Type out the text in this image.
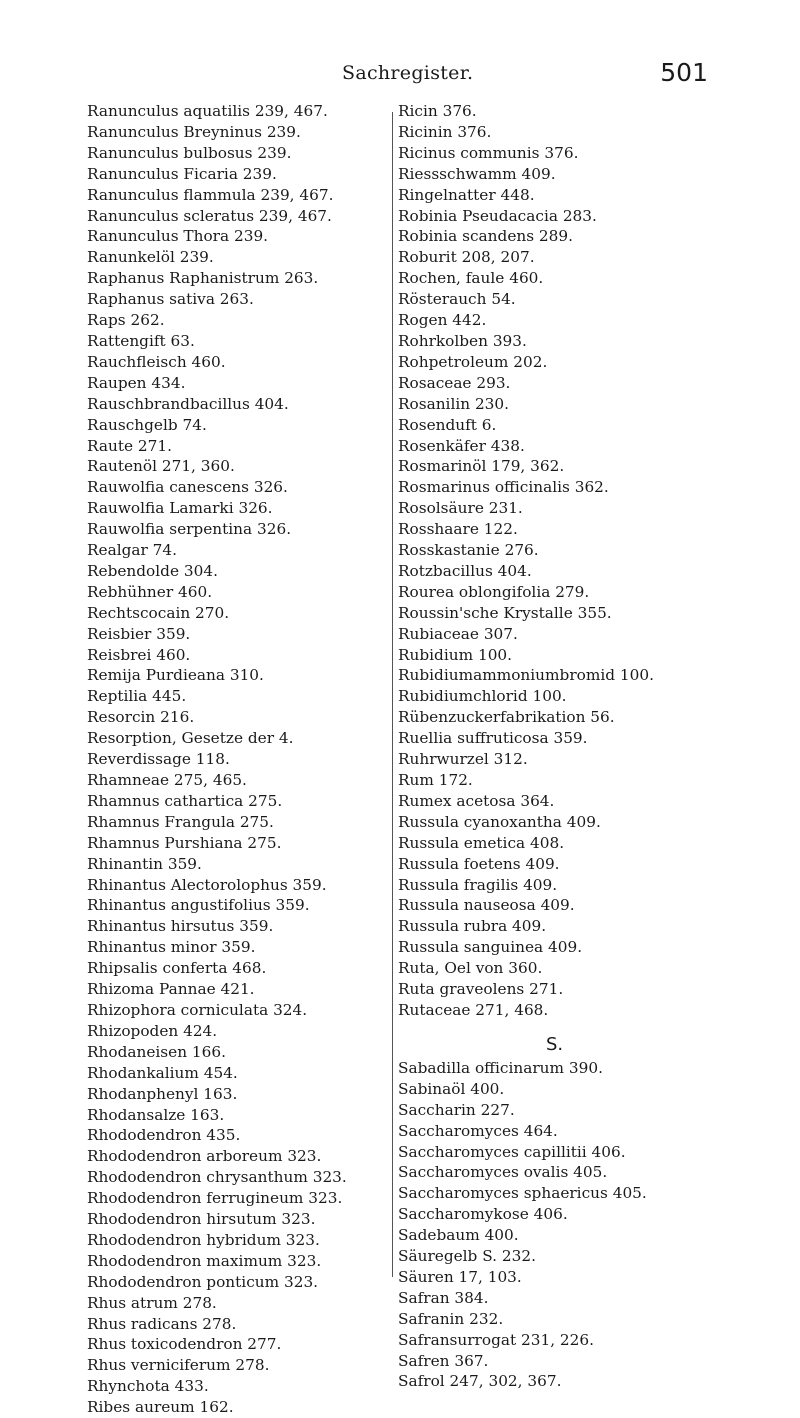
Sachregister.	501
Ranunculus aquatilis 239, 467.
Ranunculus Breyninus 239.
Ranunculus bulbosus 239.
Ranunculus Ficaria 239.
Ranunculus flammula 239, 467.
Ranunculus scleratus 239, 467.
Ranunculus Thora 239.
Ranunkelöl 239.
Raphanus Raphanistrum 263.
Raphanus sativa 263.
Raps 262.
Rattengift 63.
Rauchfleisch 460.
Raupen 434.
Rauschbrandbacillus 404.
Rauschgelb 74.
Raute 271.
Rautenöl 271, 360.
Rauwolfia canescens 326.
Rauwolfia Lamarki 326.
Rauwolfia serpentina 326.
Realgar 74.
Rebendolde 304.
Rebhühner 460.
Rechtscocain 270.
Reisbier 359.
Reisbrei 460.
Remija Purdieana 310.
Reptilia 445.
Resorcin 216.
Resorption, Gesetze der 4.
Reverdissage 118.
Rhamneae 275, 465.
Rhamnus cathartica 275.
Rhamnus Frangula 275.
Rhamnus Purshiana 275.
Rhinantin 359.
Rhinantus Alectorolophus 359.
Rhinantus angustifolius 359.
Rhinantus hirsutus 359.
Rhinantus minor 359.
Rhipsalis conferta 468.
Rhizoma Pannae 421.
Rhizophora corniculata 324.
Rhizopoden 424.
Rhodaneisen 166.
Rhodankalium 454.
Rhodanphenyl 163.
Rhodansalze 163.
Rhododendron 435.
Rhododendron arboreum 323.
Rhododendron chrysanthum 323.
Rhododendron ferrugineum 323.
Rhododendron hirsutum 323.
Rhododendron hybridum 323.
Rhododendron maximum 323.
Rhododendron ponticum 323.
Rhus atrum 278.
Rhus radicans 278.
Rhus toxicodendron 277.
Rhus verniciferum 278.
Rhynchota 433.
Ribes aureum 162.
Ricin 376.
Ricinin 376.
Ricinus communis 376.
Riessschwamm 409.
Ringelnatter 448.
Robinia Pseudacacia 283.
Robinia scandens 289.
Roburit 208, 207.
Rochen, faule 460.
Rösterauch 54.
Rogen 442.
Rohrkolben 393.
Rohpetroleum 202.
Rosaceae 293.
Rosanilin 230.
Rosenduft 6.
Rosenkäfer 438.
Rosmarinöl 179, 362.
Rosmarinus officinalis 362.
Rosolsäure 231.
Rosshaare 122.
Rosskastanie 276.
Rotzbacillus 404.
Rourea oblongifolia 279.
Roussin'sche Krystalle 355.
Rubiaceae 307.
Rubidium 100.
Rubidiumammoniumbromid 100.
Rubidiumchlorid 100.
Rübenzuckerfabrikation 56.
Ruellia suffruticosa 359.
Ruhrwurzel 312.
Rum 172.
Rumex acetosa 364.
Russula cyanoxantha 409.
Russula emetica 408.
Russula foetens 409.
Russula fragilis 409.
Russula nauseosa 409.
Russula rubra 409.
Russula sanguinea 409.
Ruta, Oel von 360.
Ruta graveolens 271.
Rutaceae 271, 468.
S.
Sabadilla officinarum 390.
Sabinaöl 400.
Saccharin 227.
Saccharomyces 464.
Saccharomyces capillitii 406.
Saccharomyces ovalis 405.
Saccharomyces sphaericus 405.
Saccharomykose 406.
Sadebaum 400.
Säuregelb S. 232.
Säuren 17, 103.
Safran 384.
Safranin 232.
Safransurrogat 231, 226.
Safren 367.
Safrol 247, 302, 367.
